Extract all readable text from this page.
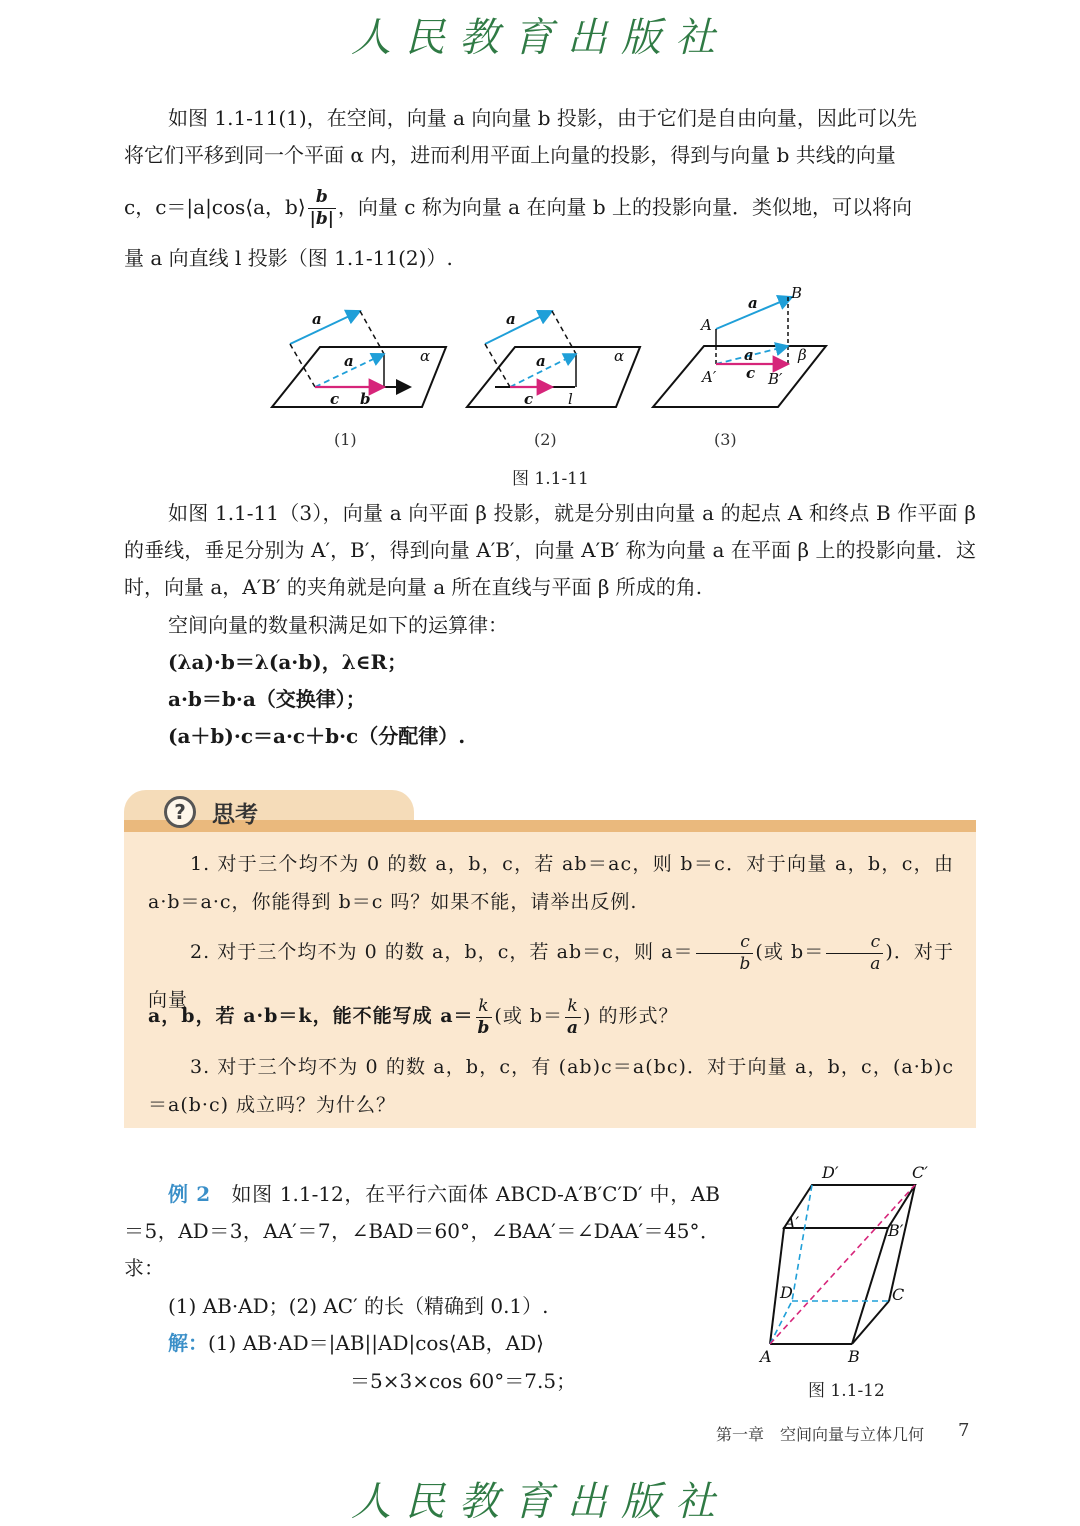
人民教育出版社
如图 1.1-11(1)，在空间，向量 a 向向量 b 投影，由于它们是自由向量，因此可以先

将它们平移到同一个平面 α 内，进而利用平面上向量的投影，得到与向量 b 共线的向量
c，c＝|a|cos⟨a，b⟩ $\frac{b}{|b|}$ ，向量 c 称为向量 a 在向量 b 上的投影向量．类似地，可以将向
量 a 向直线 l 投影（图 1.1-11(2)）.
a
a	α
c b
a
a	α
c l
A
B
a
a	β
A′ c B′
(1)	(2)	(3)
图 1.1-11
如图 1.1-11（3），向量 a 向平面 β 投影，就是分别由向量 a 的起点 A 和终点 B 作平面 β 的垂线，垂足分别为 A′，B′，得到向量 A′B′，向量 A′B′ 称为向量 a 在平面 β 上的投影向量．这时，向量 a，A′B′ 的夹角就是向量 a 所在直线与平面 β 所成的角.
空间向量的数量积满足如下的运算律：
(λa)·b＝λ(a·b)，λ∈R；
a·b＝b·a（交换律）；
(a＋b)·c＝a·c＋b·c（分配律）.
?	思考
1. 对于三个均不为 0 的数 a，b，c，若 ab＝ac，则 b＝c．对于向量 a，b，c，由 a·b＝a·c，你能得到 b＝c 吗？如果不能，请举出反例.
2. 对于三个均不为 0 的数 a，b，c，若 ab＝c，则 $a= \frac{c}{b}$ (或 $b= \frac{c}{a}$ )．对于向量
a，b，若 a·b＝k，能不能写成 $a= \frac{k}{b}$ (或 $b= \frac{k}{a}$ ) 的形式？
3. 对于三个均不为 0 的数 a，b，c，有 (ab)c＝a(bc)．对于向量 a，b，c，(a·b)c＝a(b·c) 成立吗？为什么？
例 2　 如图 1.1-12，在平行六面体 ABCD-A′B′C′D′ 中，AB＝5，AD＝3，AA′＝7，∠BAD＝60°，∠BAA′＝∠DAA′＝45°．求：
(1) AB·AD；(2) AC′ 的长（精确到 0.1）.
解：(1) AB·AD＝|AB||AD|cos⟨AB，AD⟩
＝5×3×cos 60°＝7.5；
D′	C′
A′	B′
D	C
A	B
图 1.1-12
第一章　空间向量与立体几何 7
人民教育出版社
